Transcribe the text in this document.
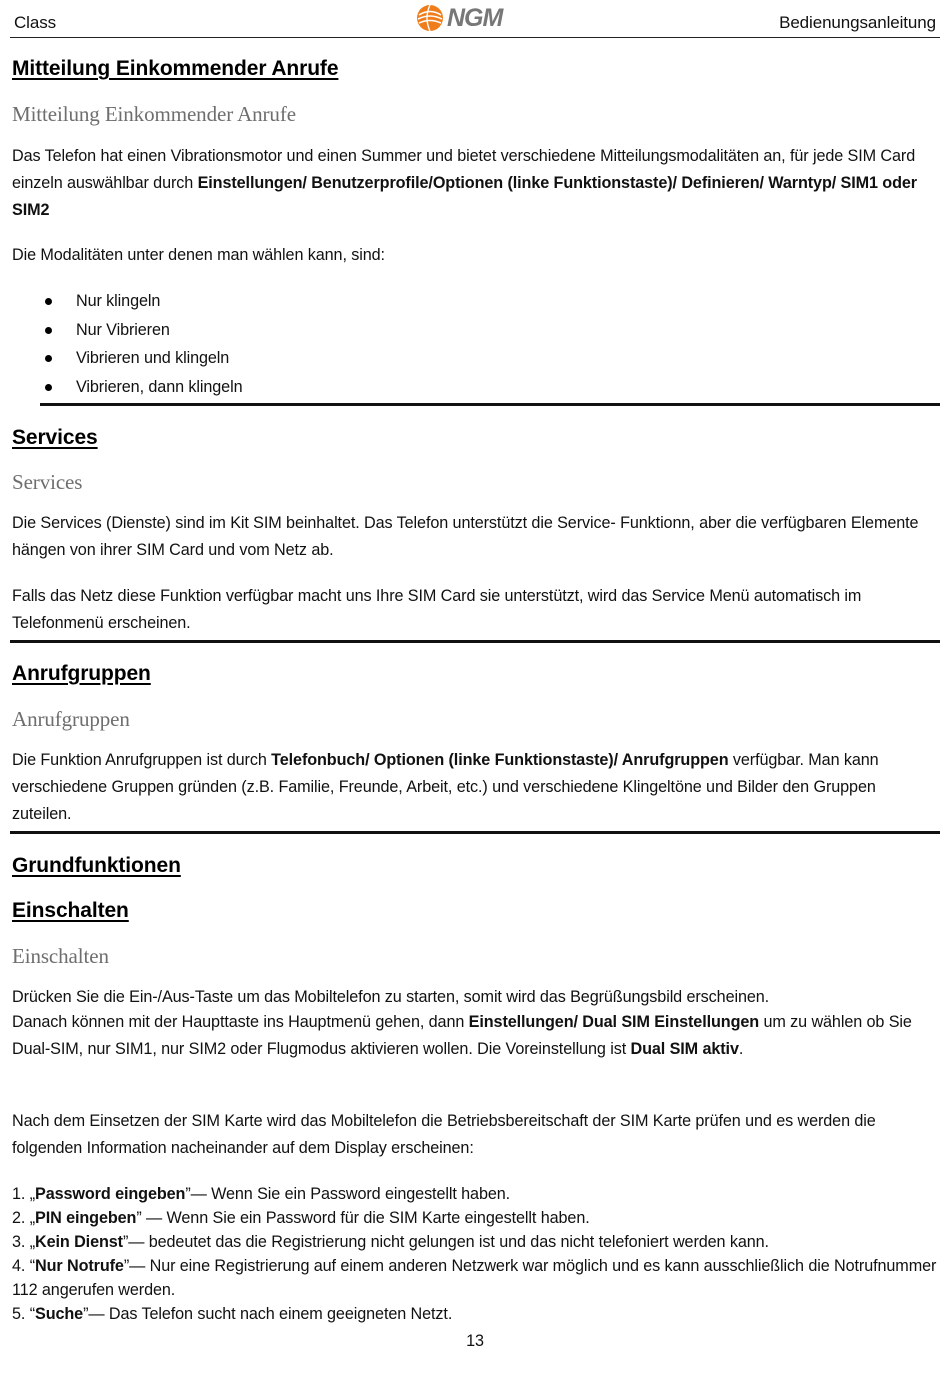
Class	NGM	Bedienungsanleitung
Mitteilung Einkommender Anrufe
Mitteilung Einkommender Anrufe
Das Telefon hat einen Vibrationsmotor und einen Summer und bietet verschiedene Mitteilungsmodalitäten an, für jede SIM Card einzeln auswählbar durch Einstellungen/ Benutzerprofile/Optionen (linke Funktionstaste)/ Definieren/ Warntyp/ SIM1 oder SIM2
Die Modalitäten unter denen man wählen kann, sind:
Nur klingeln
Nur Vibrieren
Vibrieren und klingeln
Vibrieren, dann klingeln
Services
Services
Die Services (Dienste) sind im Kit SIM beinhaltet. Das Telefon unterstützt die Service- Funktionn, aber die verfügbaren Elemente hängen von ihrer SIM Card und vom Netz ab.
Falls das Netz diese Funktion verfügbar macht uns Ihre SIM Card sie unterstützt, wird das Service Menü automatisch im Telefonmenü erscheinen.
Anrufgruppen
Anrufgruppen
Die Funktion Anrufgruppen ist durch Telefonbuch/ Optionen (linke Funktionstaste)/ Anrufgruppen verfügbar. Man kann verschiedene Gruppen gründen (z.B. Familie, Freunde, Arbeit, etc.) und verschiedene Klingeltöne und Bilder den Gruppen zuteilen.
Grundfunktionen
Einschalten
Einschalten
Drücken Sie die Ein-/Aus-Taste um das Mobiltelefon zu starten, somit wird das Begrüßungsbild erscheinen.
Danach können mit der Haupttaste ins Hauptmenü gehen, dann Einstellungen/ Dual SIM Einstellungen um zu wählen ob Sie Dual-SIM, nur SIM1, nur SIM2 oder Flugmodus aktivieren wollen. Die Voreinstellung ist Dual SIM aktiv.
Nach dem Einsetzen der SIM Karte wird das Mobiltelefon die Betriebsbereitschaft der SIM Karte prüfen und es werden die folgenden Information nacheinander auf dem Display erscheinen:
1. „Password eingeben”— Wenn Sie ein Password eingestellt haben.
2. „PIN eingeben” — Wenn Sie ein Password für die SIM Karte eingestellt haben.
3. „Kein Dienst”— bedeutet das die Registrierung nicht gelungen ist und das nicht telefoniert werden kann.
4. “Nur Notrufe”— Nur eine Registrierung auf einem anderen Netzwerk war möglich und es kann ausschließlich die Notrufnummer 112 angerufen werden.
5. “Suche”— Das Telefon sucht nach einem geeigneten Netzt.
13
